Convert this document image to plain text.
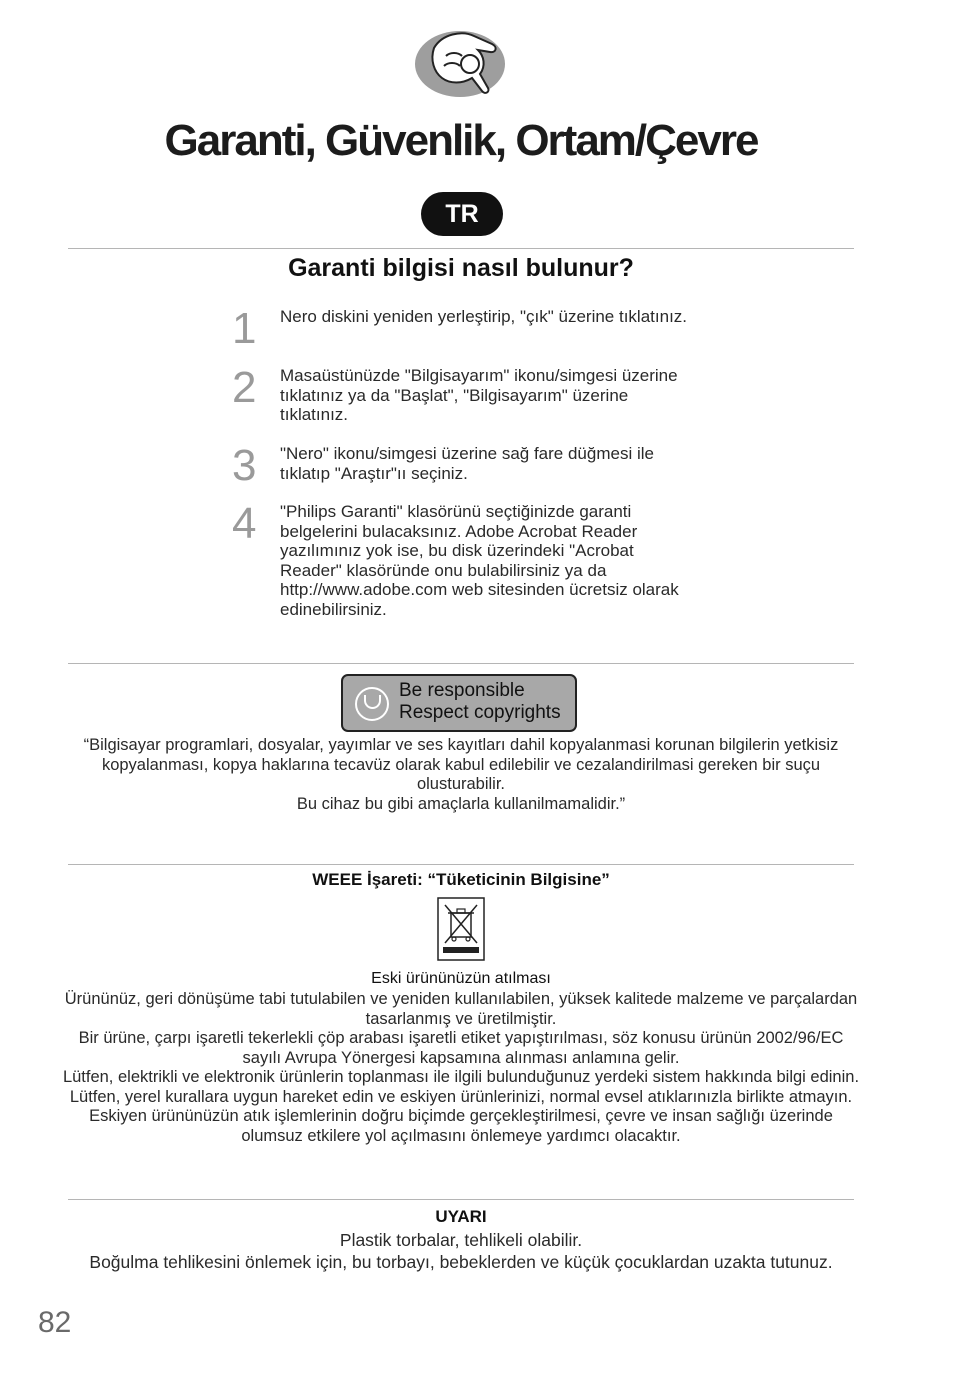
Garanti, Güvenlik, Ortam/Çevre
TR
Garanti bilgisi nasıl bulunur?
1	Nero diskini yeniden yerleştirip, "çık" üzerine tıklatınız.
2	Masaüstünüzde "Bilgisayarım" ikonu/simgesi üzerine tıklatınız ya da "Başlat", "Bilgisayarım" üzerine tıklatınız.
3	"Nero" ikonu/simgesi üzerine sağ fare düğmesi ile tıklatıp "Araştır"ıı seçiniz.
4	"Philips Garanti" klasörünü seçtiğinizde garanti belgelerini bulacaksınız. Adobe Acrobat Reader yazılımınız yok ise, bu disk üzerindeki "Acrobat Reader" klasöründe onu bulabilirsiniz ya da http://www.adobe.com web sitesinden ücretsiz olarak edinebilirsiniz.
Be responsible
Respect copyrights

“Bilgisayar programlari, dosyalar, yayımlar ve ses kayıtları dahil kopyalanmasi korunan bilgilerin yetkisiz kopyalanması, kopya haklarına tecavüz olarak kabul edilebilir ve cezalandirilmasi gereken bir suçu olusturabilir.

Bu cihaz bu gibi amaçlarla kullanilmamalidir.”

WEEE İşareti: “Tüketicinin Bilgisine”
Eski ürününüzün atılması

Ürününüz, geri dönüşüme tabi tutulabilen ve yeniden kullanılabilen, yüksek kalitede malzeme ve parçalardan tasarlanmış ve üretilmiştir.

Bir ürüne, çarpı işaretli tekerlekli çöp arabası işaretli etiket yapıştırılması, söz konusu ürünün 2002/96/EC sayılı Avrupa Yönergesi kapsamına alınması anlamına gelir.

Lütfen, elektrikli ve elektronik ürünlerin toplanması ile ilgili bulunduğunuz yerdeki sistem hakkında bilgi edinin.

Lütfen, yerel kurallara uygun hareket edin ve eskiyen ürünlerinizi, normal evsel atıklarınızla birlikte atmayın. Eskiyen ürününüzün atık işlemlerinin doğru biçimde gerçekleştirilmesi, çevre ve insan sağlığı üzerinde olumsuz etkilere yol açılmasını önlemeye yardımcı olacaktır.

UYARI
Plastik torbalar, tehlikeli olabilir.
Boğulma tehlikesini önlemek için, bu torbayı, bebeklerden ve küçük çocuklardan uzakta tutunuz.
82
